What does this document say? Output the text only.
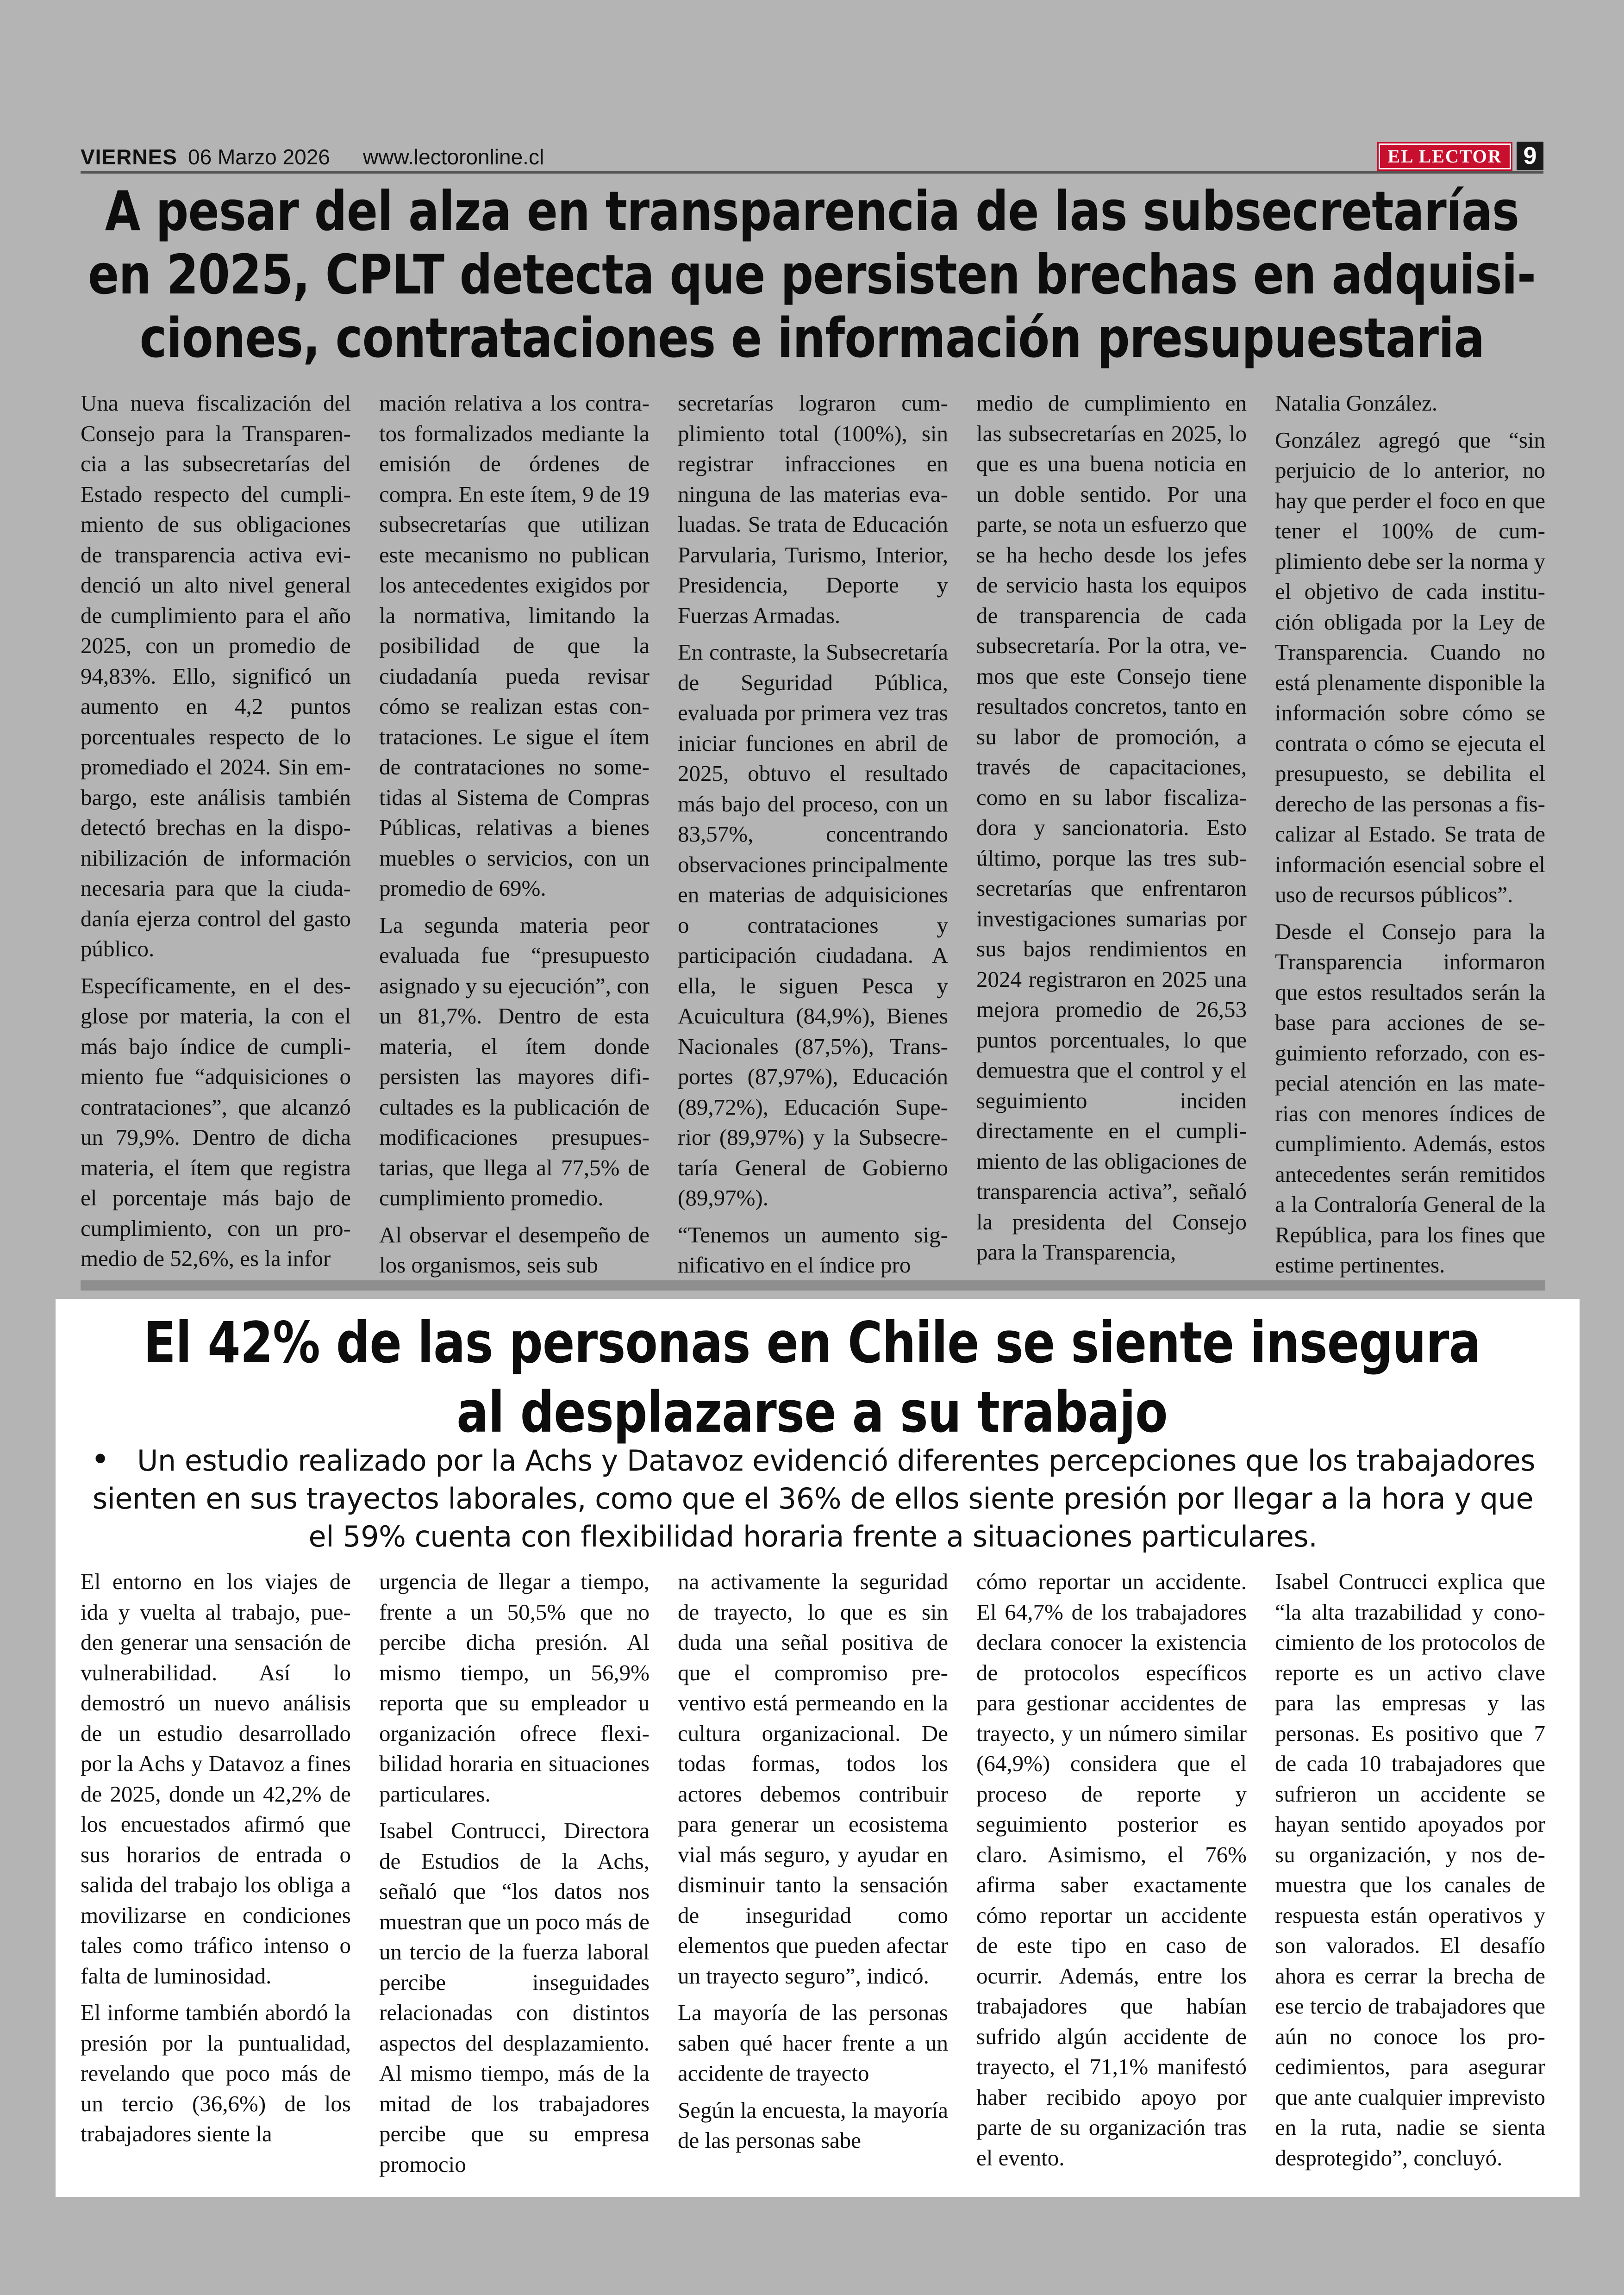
VIERNES 06 Marzo 2026 www.lectoronline.cl	EL LECTOR 9
A pesar del alza en transparencia de las subsecretarías en 2025, CPLT detecta que persisten brechas en adquisiciones, contrataciones e información presupuestaria

Una nueva fiscalización del Consejo para la Transparencia a las subsecretarías del Estado respecto del cumplimiento de sus obligaciones de transparencia activa evidenció un alto nivel general de cumplimiento para el año 2025, con un promedio de 94,83%. Ello, significó un aumento en 4,2 puntos porcentuales respecto de lo promediado el 2024. Sin embargo, este análisis también detectó brechas en la disponibilización de información necesaria para que la ciudadanía ejerza control del gasto público.

Específicamente, en el desglose por materia, la con el más bajo índice de cumplimiento fue “adquisiciones o contrataciones”, que alcanzó un 79,9%. Dentro de dicha materia, el ítem que registra el porcentaje más bajo de cumplimiento, con un promedio de 52,6%, es la infor

mación relativa a los contratos formalizados mediante la emisión de órdenes de compra. En este ítem, 9 de 19 subsecretarías que utilizan este mecanismo no publican los antecedentes exigidos por la normativa, limitando la posibilidad de que la ciudadanía pueda revisar cómo se realizan estas contrataciones. Le sigue el ítem de contrataciones no sometidas al Sistema de Compras Públicas, relativas a bienes muebles o servicios, con un promedio de 69%.

La segunda materia peor evaluada fue “presupuesto asignado y su ejecución”, con un 81,7%. Dentro de esta materia, el ítem donde persisten las mayores dificultades es la publicación de modificaciones presupuestarias, que llega al 77,5% de cumplimiento promedio.

Al observar el desempeño de los organismos, seis sub

secretarías lograron cumplimiento total (100%), sin registrar infracciones en ninguna de las materias evaluadas. Se trata de Educación Parvularia, Turismo, Interior, Presidencia, Deporte y Fuerzas Armadas.

En contraste, la Subsecretaría de Seguridad Pública, evaluada por primera vez tras iniciar funciones en abril de 2025, obtuvo el resultado más bajo del proceso, con un 83,57%, concentrando observaciones principalmente en materias de adquisiciones o contrataciones y participación ciudadana. A ella, le siguen Pesca y Acuicultura (84,9%), Bienes Nacionales (87,5%), Transportes (87,97%), Educación (89,72%), Educación Superior (89,97%) y la Subsecretaría General de Gobierno (89,97%).

“Tenemos un aumento significativo en el índice pro

medio de cumplimiento en las subsecretarías en 2025, lo que es una buena noticia en un doble sentido. Por una parte, se nota un esfuerzo que se ha hecho desde los jefes de servicio hasta los equipos de transparencia de cada subsecretaría. Por la otra, vemos que este Consejo tiene resultados concretos, tanto en su labor de promoción, a través de capacitaciones, como en su labor fiscalizadora y sancionatoria. Esto último, porque las tres subsecretarías que enfrentaron investigaciones sumarias por sus bajos rendimientos en 2024 registraron en 2025 una mejora promedio de 26,53 puntos porcentuales, lo que demuestra que el control y el seguimiento inciden directamente en el cumplimiento de las obligaciones de transparencia activa”, señaló la presidenta del Consejo para la Transparencia,

Natalia González.

González agregó que “sin perjuicio de lo anterior, no hay que perder el foco en que tener el 100% de cumplimiento debe ser la norma y el objetivo de cada institución obligada por la Ley de Transparencia. Cuando no está plenamente disponible la información sobre cómo se contrata o cómo se ejecuta el presupuesto, se debilita el derecho de las personas a fiscalizar al Estado. Se trata de información esencial sobre el uso de recursos públicos”.

Desde el Consejo para la Transparencia informaron que estos resultados serán la base para acciones de seguimiento reforzado, con especial atención en las materias con menores índices de cumplimiento. Además, estos antecedentes serán remitidos a la Contraloría General de la República, para los fines que estime pertinentes.

El 42% de las personas en Chile se siente insegura al desplazarse a su trabajo

• Un estudio realizado por la Achs y Datavoz evidenció diferentes percepciones que los trabajadores sienten en sus trayectos laborales, como que el 36% de ellos siente presión por llegar a la hora y que el 59% cuenta con flexibilidad horaria frente a situaciones particulares.

El entorno en los viajes de ida y vuelta al trabajo, pueden generar una sensación de vulnerabilidad. Así lo demostró un nuevo análisis de un estudio desarrollado por la Achs y Datavoz a fines de 2025, donde un 42,2% de los encuestados afirmó que sus horarios de entrada o salida del trabajo los obliga a movilizarse en condiciones tales como tráfico intenso o falta de luminosidad.

El informe también abordó la presión por la puntualidad, revelando que poco más de un tercio (36,6%) de los trabajadores siente la

urgencia de llegar a tiempo, frente a un 50,5% que no percibe dicha presión. Al mismo tiempo, un 56,9% reporta que su empleador u organización ofrece flexibilidad horaria en situaciones particulares.

Isabel Contrucci, Directora de Estudios de la Achs, señaló que “los datos nos muestran que un poco más de un tercio de la fuerza laboral percibe inseguidades relacionadas con distintos aspectos del desplazamiento. Al mismo tiempo, más de la mitad de los trabajadores percibe que su empresa promocio

na activamente la seguridad de trayecto, lo que es sin duda una señal positiva de que el compromiso preventivo está permeando en la cultura organizacional. De todas formas, todos los actores debemos contribuir para generar un ecosistema vial más seguro, y ayudar en disminuir tanto la sensación de inseguridad como elementos que pueden afectar un trayecto seguro”, indicó.

La mayoría de las personas saben qué hacer frente a un accidente de trayecto

Según la encuesta, la mayoría de las personas sabe

cómo reportar un accidente. El 64,7% de los trabajadores declara conocer la existencia de protocolos específicos para gestionar accidentes de trayecto, y un número similar (64,9%) considera que el proceso de reporte y seguimiento posterior es claro. Asimismo, el 76% afirma saber exactamente cómo reportar un accidente de este tipo en caso de ocurrir. Además, entre los trabajadores que habían sufrido algún accidente de trayecto, el 71,1% manifestó haber recibido apoyo por parte de su organización tras el evento.

Isabel Contrucci explica que “la alta trazabilidad y conocimiento de los protocolos de reporte es un activo clave para las empresas y las personas. Es positivo que 7 de cada 10 trabajadores que sufrieron un accidente se hayan sentido apoyados por su organización, y nos demuestra que los canales de respuesta están operativos y son valorados. El desafío ahora es cerrar la brecha de ese tercio de trabajadores que aún no conoce los procedimientos, para asegurar que ante cualquier imprevisto en la ruta, nadie se sienta desprotegido”, concluyó.
